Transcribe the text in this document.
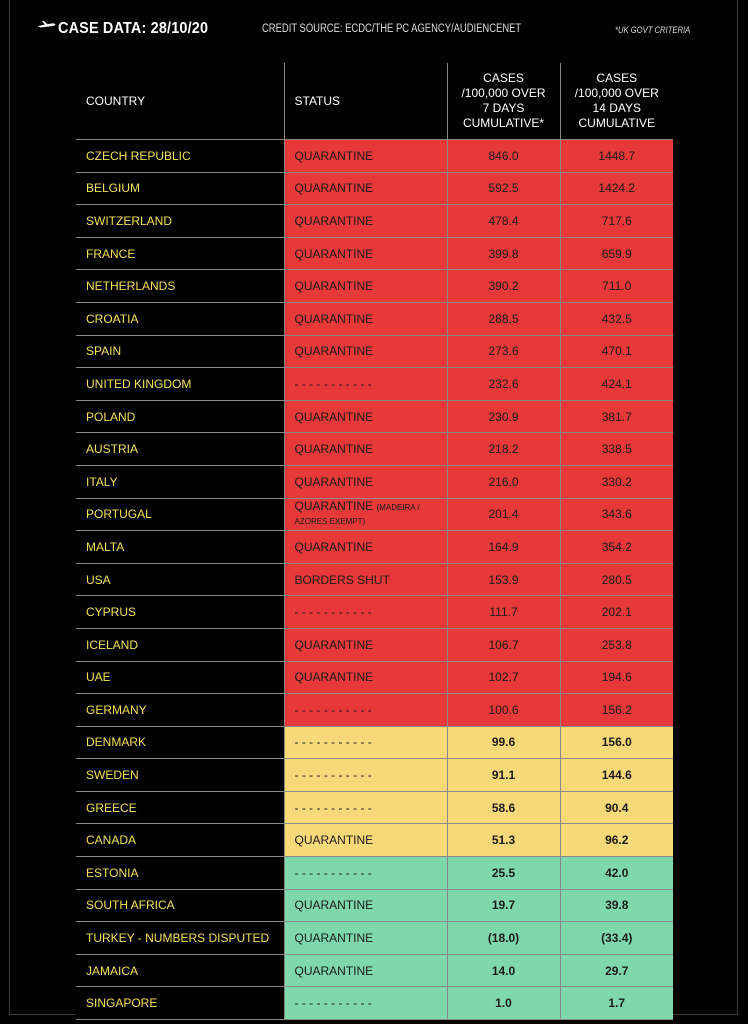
CASE DATA: 28/10/20	CREDIT SOURCE: ECDC/THE PC AGENCY/AUDIENCENET	*UK GOVT CRITERIA
COUNTRY	STATUS	CASES
/100,000 OVER
7 DAYS
CUMULATIVE*	CASES
/100,000 OVER
14 DAYS
CUMULATIVE
CZECH REPUBLIC	QUARANTINE	846.0	1448.7
BELGIUM	QUARANTINE	592.5	1424.2
SWITZERLAND	QUARANTINE	478.4	717.6
FRANCE	QUARANTINE	399.8	659.9
NETHERLANDS	QUARANTINE	390.2	711.0
CROATIA	QUARANTINE	288.5	432.5
SPAIN	QUARANTINE	273.6	470.1
UNITED KINGDOM	- - - - - - - - - - -	232.6	424.1
POLAND	QUARANTINE	230.9	381.7
AUSTRIA	QUARANTINE	218.2	338.5
ITALY	QUARANTINE	216.0	330.2
PORTUGAL	QUARANTINE (MADEIRA / AZORES EXEMPT)	201.4	343.6
MALTA	QUARANTINE	164.9	354.2
USA	BORDERS SHUT	153.9	280.5
CYPRUS	- - - - - - - - - - -	111.7	202.1
ICELAND	QUARANTINE	106.7	253.8
UAE	QUARANTINE	102.7	194.6
GERMANY	- - - - - - - - - - -	100.6	156.2
DENMARK	- - - - - - - - - - -	99.6	156.0
SWEDEN	- - - - - - - - - - -	91.1	144.6
GREECE	- - - - - - - - - - -	58.6	90.4
CANADA	QUARANTINE	51.3	96.2
ESTONIA	- - - - - - - - - - -	25.5	42.0
SOUTH AFRICA	QUARANTINE	19.7	39.8
TURKEY - NUMBERS DISPUTED	QUARANTINE	(18.0)	(33.4)
JAMAICA	QUARANTINE	14.0	29.7
SINGAPORE	- - - - - - - - - - -	1.0	1.7
